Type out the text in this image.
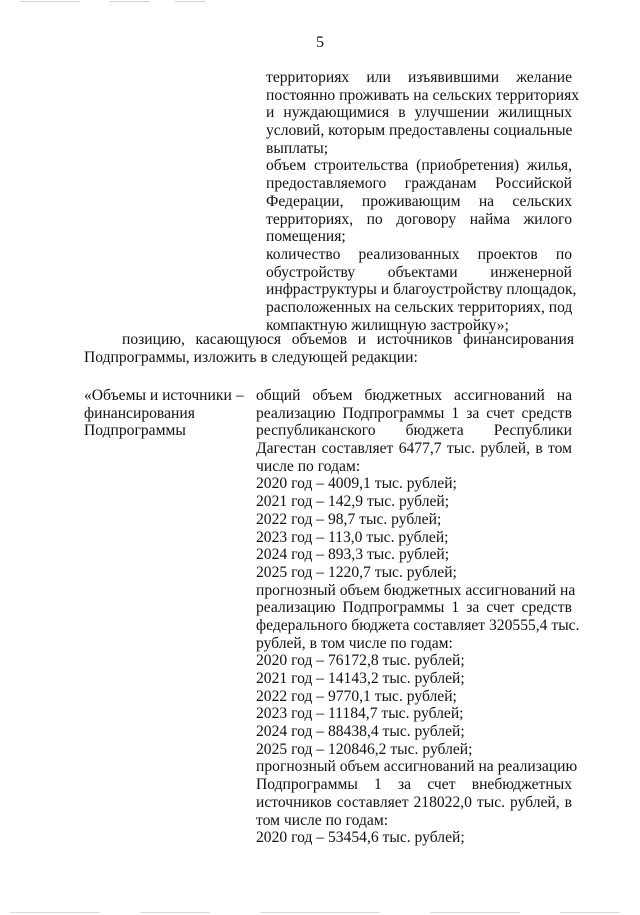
5
территориях или изъявившими желание
постоянно проживать на сельских территориях
и нуждающимися в улучшении жилищных
условий, которым предоставлены социальные
выплаты;
объем строительства (приобретения) жилья,
предоставляемого гражданам Российской
Федерации, проживающим на сельских
территориях, по договору найма жилого
помещения;
количество реализованных проектов по
обустройству объектами инженерной
инфраструктуры и благоустройству площадок,
расположенных на сельских территориях, под
компактную жилищную застройку»;
позицию, касающуюся объемов и источников финансирования
Подпрограммы, изложить в следующей редакции:
«Объемы и источники
финансирования
Подпрограммы
– общий объем бюджетных ассигнований на
реализацию Подпрограммы 1 за счет средств
республиканского бюджета Республики
Дагестан составляет 6477,7 тыс. рублей, в том
числе по годам:
2020 год – 4009,1 тыс. рублей;
2021 год – 142,9 тыс. рублей;
2022 год – 98,7 тыс. рублей;
2023 год – 113,0 тыс. рублей;
2024 год – 893,3 тыс. рублей;
2025 год – 1220,7 тыс. рублей;
прогнозный объем бюджетных ассигнований на
реализацию Подпрограммы 1 за счет средств
федерального бюджета составляет 320555,4 тыс.
рублей, в том числе по годам:
2020 год – 76172,8 тыс. рублей;
2021 год – 14143,2 тыс. рублей;
2022 год – 9770,1 тыс. рублей;
2023 год – 11184,7 тыс. рублей;
2024 год – 88438,4 тыс. рублей;
2025 год – 120846,2 тыс. рублей;
прогнозный объем ассигнований на реализацию
Подпрограммы 1 за счет внебюджетных
источников составляет 218022,0 тыс. рублей, в
том числе по годам:
2020 год – 53454,6 тыс. рублей;
